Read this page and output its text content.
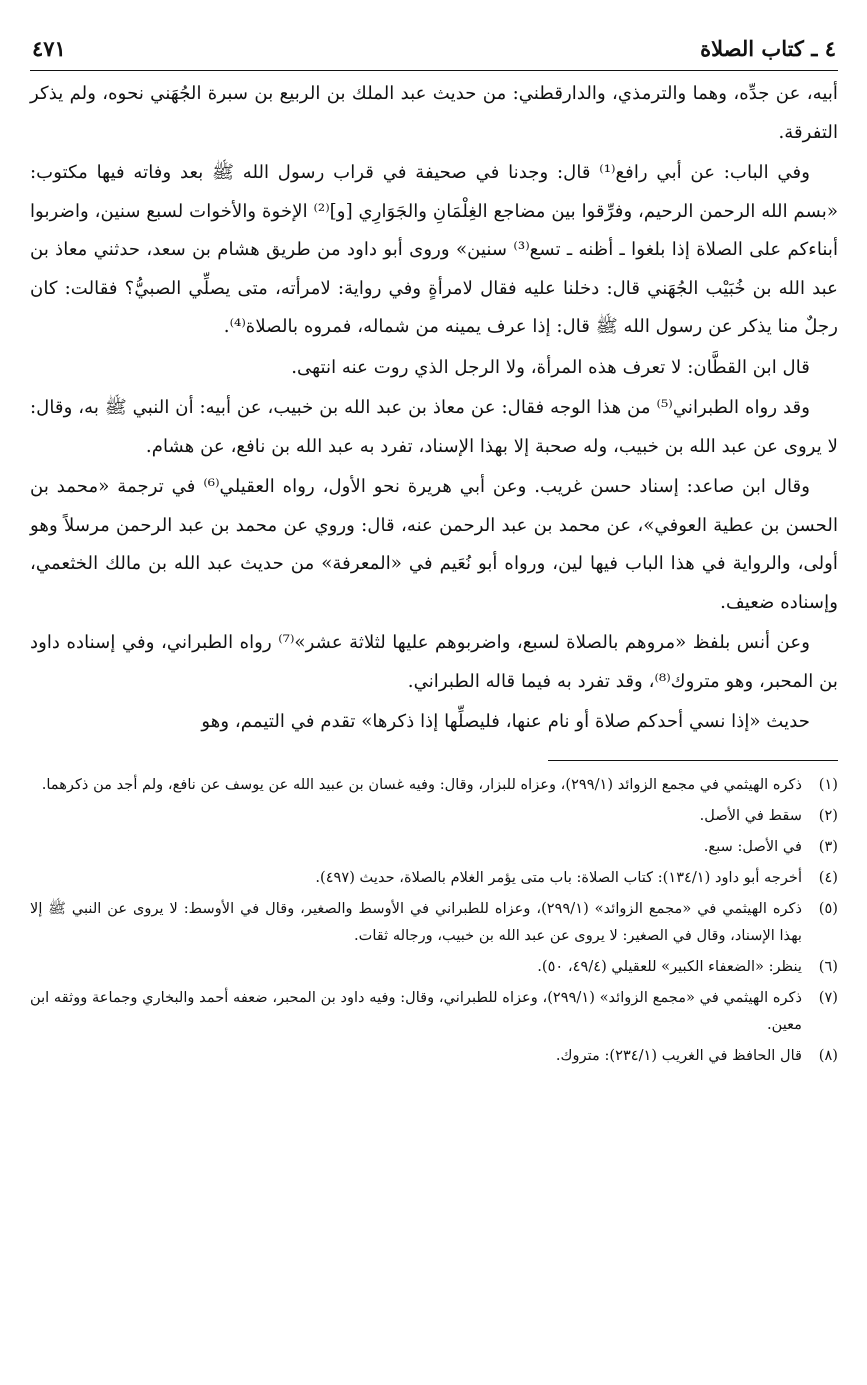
٤ ـ كتاب الصلاة
٤٧١

أبيه، عن جدِّه، وهما والترمذي، والدارقطني: من حديث عبد الملك بن الربيع بن سبرة الجُهَني نحوه، ولم يذكر التفرقة.

وفي الباب: عن أبي رافع⁽¹⁾ قال: وجدنا في صحيفة في قراب رسول الله ﷺ بعد وفاته فيها مكتوب: «بسم الله الرحمن الرحيم، وفرِّقوا بين مضاجع الغِلْمَانِ والجَوَارِي [و]⁽²⁾ الإخوة والأخوات لسبع سنين، واضربوا أبناءكم على الصلاة إذا بلغوا ـ أظنه ـ تسع⁽³⁾ سنين» وروى أبو داود من طريق هشام بن سعد، حدثني معاذ بن عبد الله بن خُبَيْب الجُهَني قال: دخلنا عليه فقال لامرأةٍ وفي رواية: لامرأته، متى يصلِّي الصبيُّ؟ فقالت: كان رجلٌ منا يذكر عن رسول الله ﷺ قال: إذا عرف يمينه من شماله، فمروه بالصلاة⁽⁴⁾.

قال ابن القطَّان: لا تعرف هذه المرأة، ولا الرجل الذي روت عنه انتهى.

وقد رواه الطبراني⁽⁵⁾ من هذا الوجه فقال: عن معاذ بن عبد الله بن خبيب، عن أبيه: أن النبي ﷺ به، وقال: لا يروى عن عبد الله بن خبيب، وله صحبة إلا بهذا الإسناد، تفرد به عبد الله بن نافع، عن هشام.

وقال ابن صاعد: إسناد حسن غريب. وعن أبي هريرة نحو الأول، رواه العقيلي⁽⁶⁾ في ترجمة «محمد بن الحسن بن عطية العوفي»، عن محمد بن عبد الرحمن عنه، قال: وروي عن محمد بن عبد الرحمن مرسلاً وهو أولى، والرواية في هذا الباب فيها لين، ورواه أبو نُعَيم في «المعرفة» من حديث عبد الله بن مالك الخثعمي، وإسناده ضعيف.

وعن أنس بلفظ «مروهم بالصلاة لسبع، واضربوهم عليها لثلاثة عشر»⁽⁷⁾ رواه الطبراني، وفي إسناده داود بن المحبر، وهو متروك⁽⁸⁾، وقد تفرد به فيما قاله الطبراني.

حديث «إذا نسي أحدكم صلاة أو نام عنها، فليصلِّها إذا ذكرها» تقدم في التيمم، وهو

(١)
ذكره الهيثمي في مجمع الزوائد (٢٩٩/١)، وعزاه للبزار، وقال: وفيه غسان بن عبيد الله عن يوسف عن نافع، ولم أجد من ذكرهما.
(٢)
سقط في الأصل.
(٣)
في الأصل: سبع.
(٤)
أخرجه أبو داود (١٣٤/١): كتاب الصلاة: باب متى يؤمر الغلام بالصلاة، حديث (٤٩٧).
(٥)
ذكره الهيثمي في «مجمع الزوائد» (٢٩٩/١)، وعزاه للطبراني في الأوسط والصغير، وقال في الأوسط: لا يروى عن النبي ﷺ إلا بهذا الإسناد، وقال في الصغير: لا يروى عن عبد الله بن خبيب، ورجاله ثقات.
(٦)
ينظر: «الضعفاء الكبير» للعقيلي (٤٩/٤، ٥٠).
(٧)
ذكره الهيثمي في «مجمع الزوائد» (٢٩٩/١)، وعزاه للطبراني، وقال: وفيه داود بن المحبر، ضعفه أحمد والبخاري وجماعة ووثقه ابن معين.
(٨)
قال الحافظ في الغريب (٢٣٤/١): متروك.
